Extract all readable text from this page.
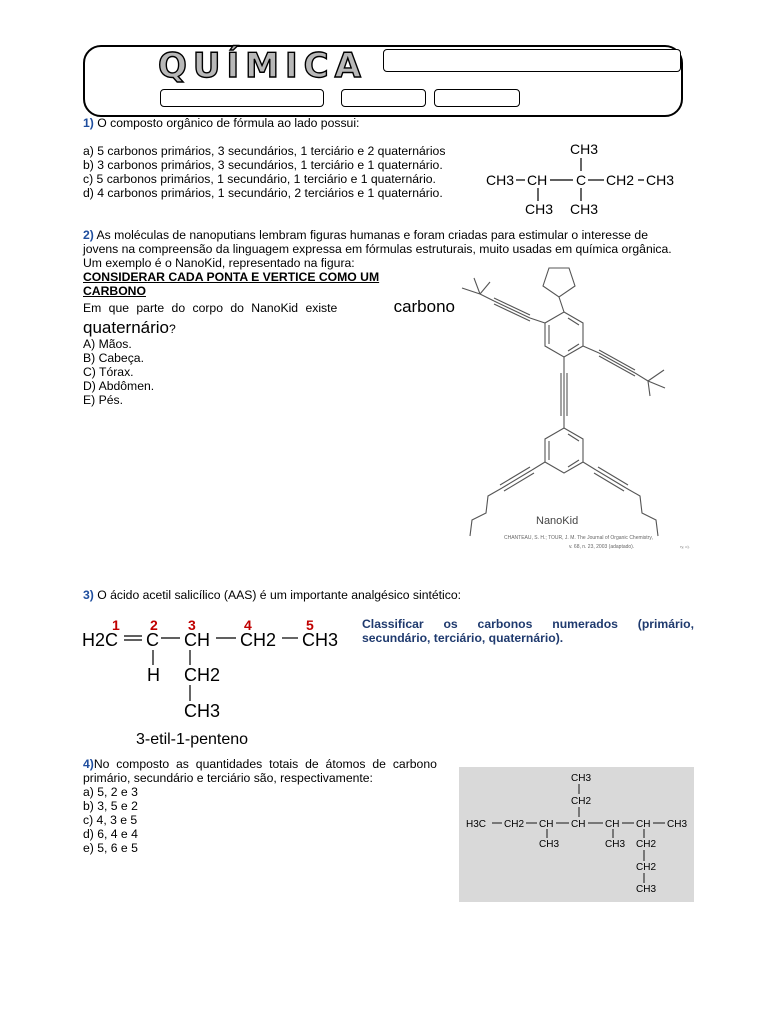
QUÍMICA
1) O composto orgânico de fórmula ao lado possui:
a) 5 carbonos primários, 3 secundários, 1 terciário e 2 quaternários
b) 3 carbonos primários, 3 secundários, 1 terciário e 1 quaternário.
c) 5 carbonos primários, 1 secundário, 1 terciário e 1 quaternário.
d) 4 carbonos primários, 1 secundário, 2 terciários e 1 quaternário.
CH3
CH3 CH C CH2 CH3
CH3 CH3
2) As moléculas de nanoputians lembram figuras humanas e foram criadas para estimular o interesse de
jovens na compreensão da linguagem expressa em fórmulas estruturais, muito usadas em química orgânica.
Um exemplo é o NanoKid, representado na figura:
CONSIDERAR CADA PONTA E VERTICE COMO UM
CARBONO
Em que parte do corpo do NanoKid existe	carbono
quaternário?
A) Mãos.
B) Cabeça.
C) Tórax.
D) Abdômen.
E) Pés.
NanoKid
CHANTEAU, S. H.; TOUR, J. M. The Journal of Organic Chemistry,
v. 68, n. 23, 2003 (adaptado).	ry, o).
3) O ácido acetil salicílico (AAS) é um importante analgésico sintético:
1 2 3	4	5
H2C C CH CH2 CH3
H CH2
CH3
3-etil-1-penteno
Classificar os carbonos numerados (primário, secundário, terciário, quaternário).
4) No composto as quantidades totais de átomos de carbono
primário, secundário e terciário são, respectivamente:
a) 5, 2 e 3
b) 3, 5 e 2
c) 4, 3 e 5
d) 6, 4 e 4
e) 5, 6 e 5
CH3
CH2
H3C CH2 CH CH CH CH CH3
CH3	CH3 CH2
CH2
CH3
